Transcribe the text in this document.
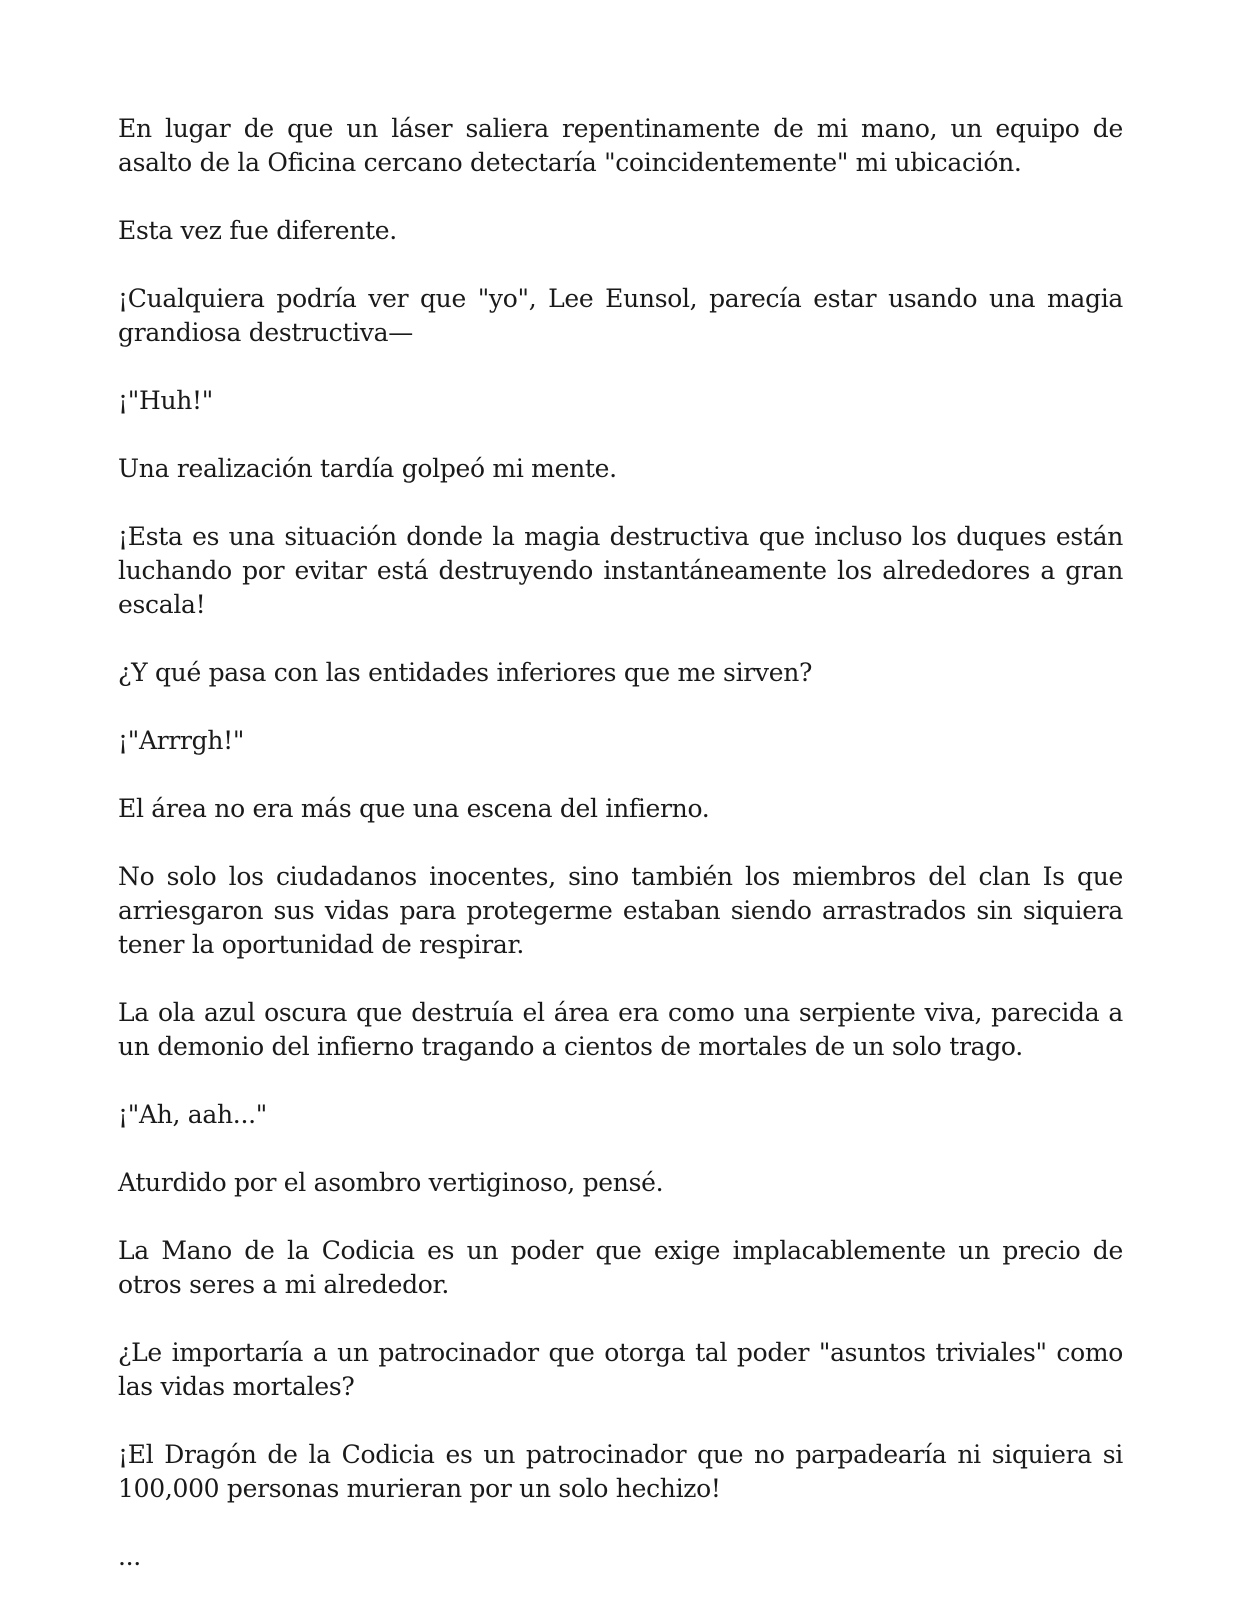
En lugar de que un láser saliera repentinamente de mi mano, un equipo de asalto de la Oficina cercano detectaría "coincidentemente" mi ubicación.

Esta vez fue diferente.

¡Cualquiera podría ver que "yo", Lee Eunsol, parecía estar usando una magia grandiosa destructiva—

¡"Huh!"

Una realización tardía golpeó mi mente.

¡Esta es una situación donde la magia destructiva que incluso los duques están luchando por evitar está destruyendo instantáneamente los alrededores a gran escala!

¿Y qué pasa con las entidades inferiores que me sirven?

¡"Arrrgh!"

El área no era más que una escena del infierno.

No solo los ciudadanos inocentes, sino también los miembros del clan Is que arriesgaron sus vidas para protegerme estaban siendo arrastrados sin siquiera tener la oportunidad de respirar.

La ola azul oscura que destruía el área era como una serpiente viva, parecida a un demonio del infierno tragando a cientos de mortales de un solo trago.

¡"Ah, aah..."

Aturdido por el asombro vertiginoso, pensé.

La Mano de la Codicia es un poder que exige implacablemente un precio de otros seres a mi alrededor.

¿Le importaría a un patrocinador que otorga tal poder "asuntos triviales" como las vidas mortales?

¡El Dragón de la Codicia es un patrocinador que no parpadearía ni siquiera si 100,000 personas murieran por un solo hechizo!

...
